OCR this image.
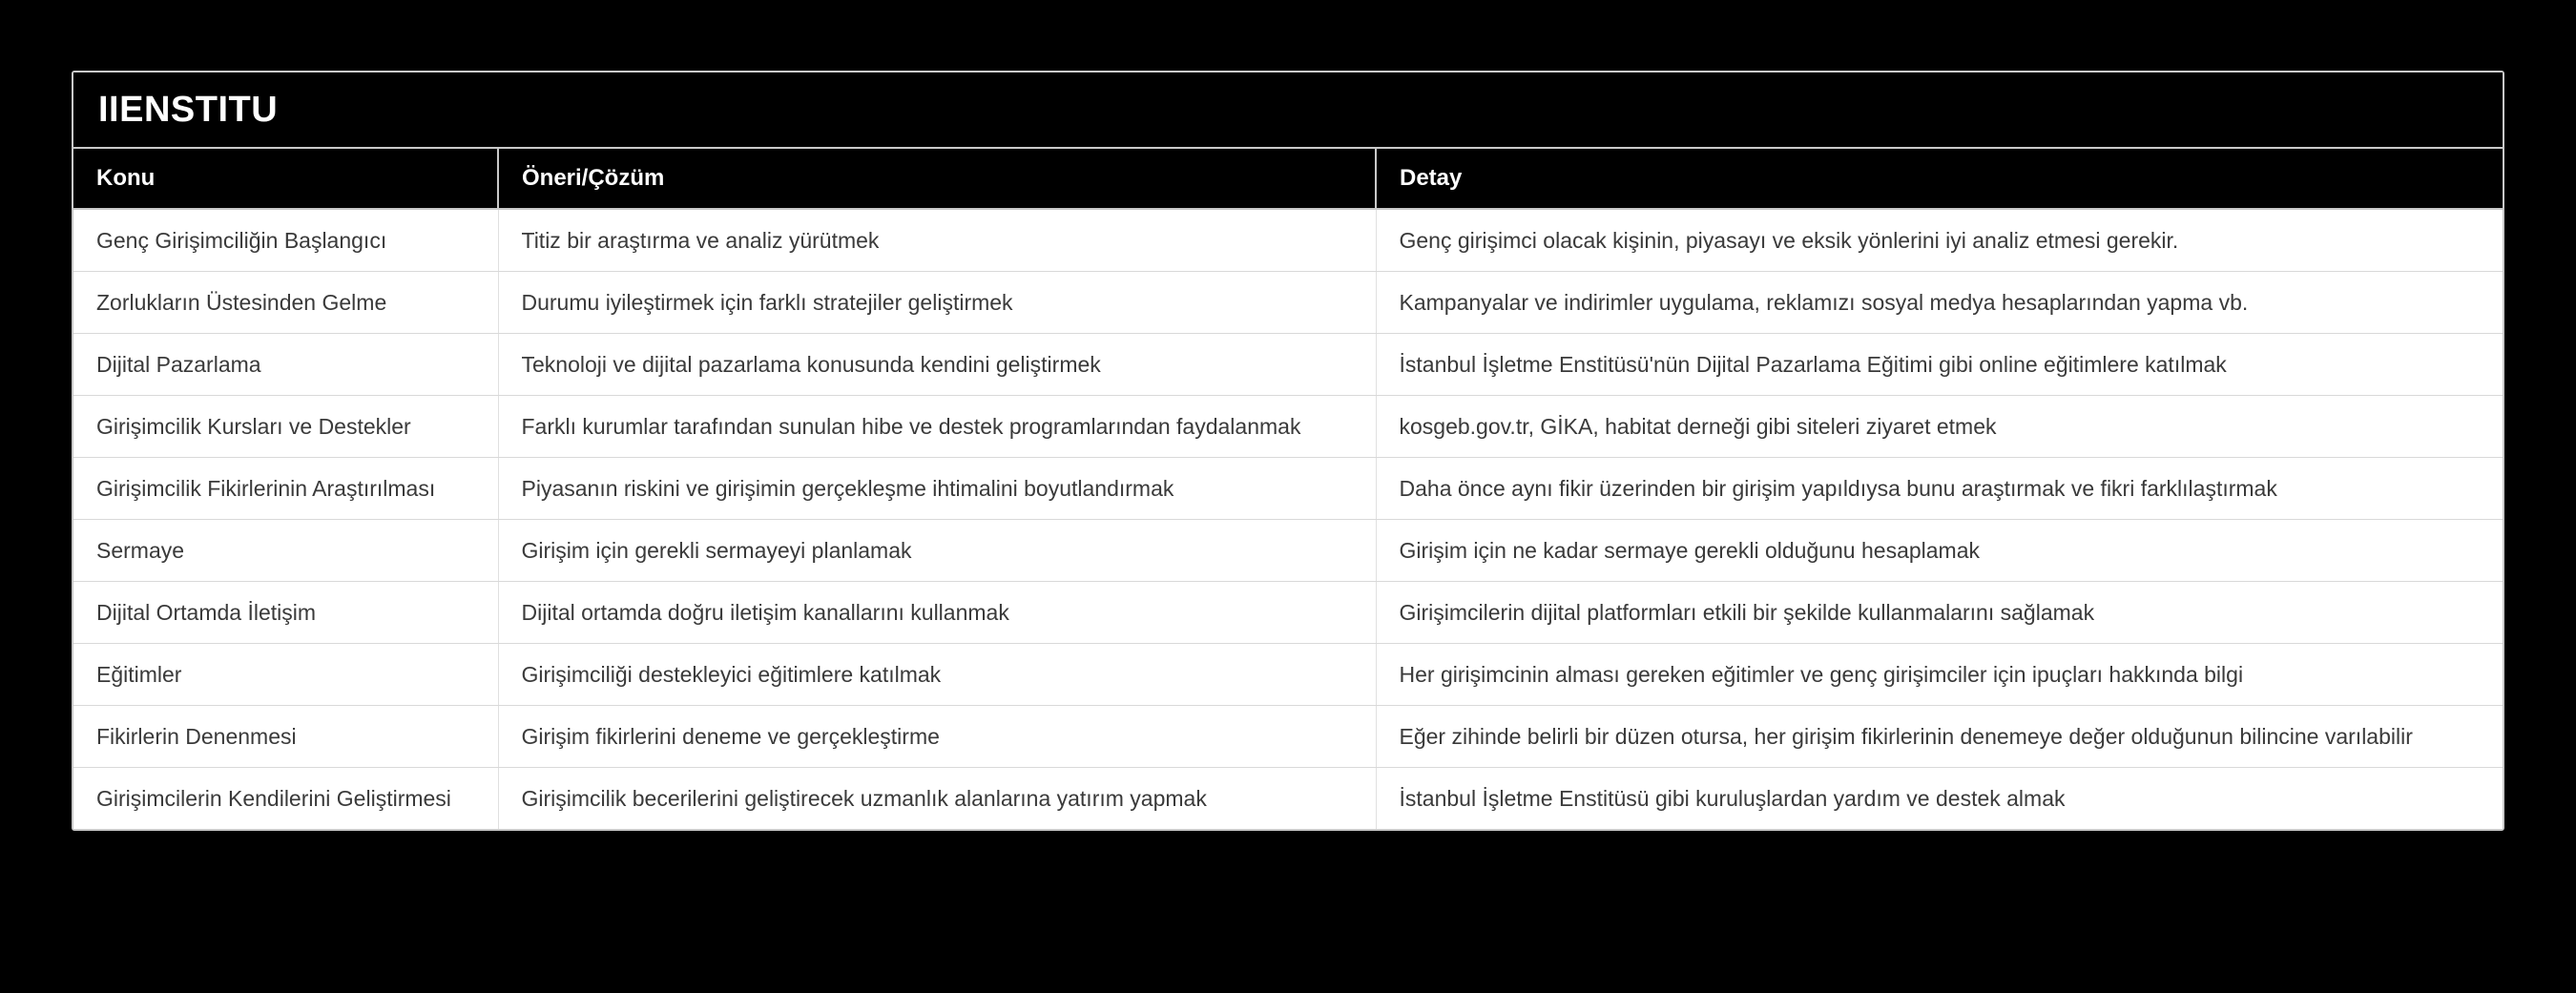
IIENSTITU
Konu	Öneri/Çözüm	Detay
Genç Girişimciliğin Başlangıcı	Titiz bir araştırma ve analiz yürütmek	Genç girişimci olacak kişinin, piyasayı ve eksik yönlerini iyi analiz etmesi gerekir.
Zorlukların Üstesinden Gelme	Durumu iyileştirmek için farklı stratejiler geliştirmek	Kampanyalar ve indirimler uygulama, reklamızı sosyal medya hesaplarından yapma vb.
Dijital Pazarlama	Teknoloji ve dijital pazarlama konusunda kendini geliştirmek	İstanbul İşletme Enstitüsü'nün Dijital Pazarlama Eğitimi gibi online eğitimlere katılmak
Girişimcilik Kursları ve Destekler	Farklı kurumlar tarafından sunulan hibe ve destek programlarından faydalanmak	kosgeb.gov.tr, GİKA, habitat derneği gibi siteleri ziyaret etmek
Girişimcilik Fikirlerinin Araştırılması	Piyasanın riskini ve girişimin gerçekleşme ihtimalini boyutlandırmak	Daha önce aynı fikir üzerinden bir girişim yapıldıysa bunu araştırmak ve fikri farklılaştırmak
Sermaye	Girişim için gerekli sermayeyi planlamak	Girişim için ne kadar sermaye gerekli olduğunu hesaplamak
Dijital Ortamda İletişim	Dijital ortamda doğru iletişim kanallarını kullanmak	Girişimcilerin dijital platformları etkili bir şekilde kullanmalarını sağlamak
Eğitimler	Girişimciliği destekleyici eğitimlere katılmak	Her girişimcinin alması gereken eğitimler ve genç girişimciler için ipuçları hakkında bilgi
Fikirlerin Denenmesi	Girişim fikirlerini deneme ve gerçekleştirme	Eğer zihinde belirli bir düzen otursa, her girişim fikirlerinin denemeye değer olduğunun bilincine varılabilir
Girişimcilerin Kendilerini Geliştirmesi	Girişimcilik becerilerini geliştirecek uzmanlık alanlarına yatırım yapmak	İstanbul İşletme Enstitüsü gibi kuruluşlardan yardım ve destek almak
